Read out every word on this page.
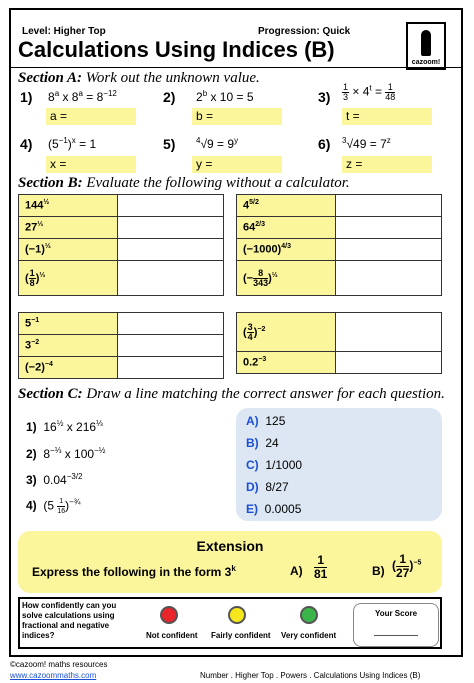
Level: Higher Top	Progression: Quick
Calculations Using Indices (B)
cazoom!
Section A: Work out the unknown value.
1) 8$^a$ x $8^a = 8^{-12}$
a =
2) 2$^b$ x 10 = 5
b =
$3) \frac{1}{3} \times 4^t = \frac{1}{48}$
t =
4) $(5^{-1})^x = 1$
x =
5)	$^4√9 = 9^y$
y =
6) $^3√49 = 7^z$
z =
Section B: Evaluate the following without a calculator.
$144^{\frac{1}{2}}$	
$27^{\frac{1}{3}}$	
$(-1)^{\frac{1}{3}}$	
( $\frac{1}{8} )^{\frac{1}{3}}$	
$4^{5/2}$	
$64^{2/3}$	
$(-1000)^{4/3}$	
(− $\frac{8}{343} )^{\frac{1}{3}}$	
$5^{-1}$	
$3^{-2}$	
$(-2)^{-4}$	
( $\frac{3}{4} )^{-2}$	
$0.2^{-3}$	
Section C: Draw a line matching the correct answer for each question.
1)  $16^{\frac{1}{2}}$ x $216^{\frac{1}{3}}$
2)  $8^{-\frac{1}{3}}$ x $100^{-\frac{1}{2}}$
3)  $0.04^{-3/2}$
4)  $(5 \frac{1}{16} )^{-\frac{3}{4}}$
A) 125
B) 24
C) 1/1000
D) 8/27
E) 0.0005
Extension
Express the following in the form 3$^k$	$A) \frac{1}{81}$	B) ( $\frac{1}{27} )^{-5}$
How confidently can you solve calculations using fractional and negative indices?	Not confident Fairly confident Very confident
Your Score
©cazoom! maths resources
www.cazoommaths.com	Number . Higher Top . Powers . Calculations Using Indices (B)
